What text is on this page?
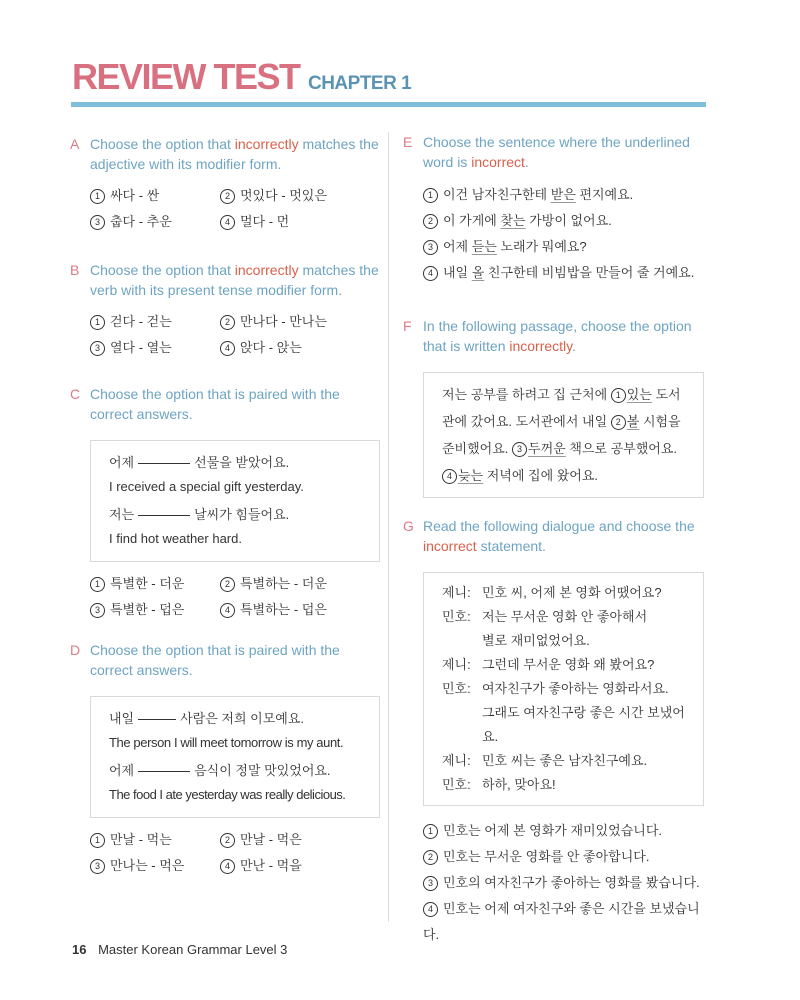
REVIEW TEST CHAPTER 1
A Choose the option that incorrectly matches the adjective with its modifier form.
1 싸다 - 싼	2 멋있다 - 멋있은
3 춥다 - 추운	4 멀다 - 먼
B Choose the option that incorrectly matches the verb with its present tense modifier form.
1 걷다 - 걷는	2 만나다 - 만나는
3 열다 - 열는	4 앉다 - 앉는
C Choose the option that is paired with the correct answers.
어제	선물을 받았어요.
I received a special gift yesterday.
저는	날씨가 힘들어요.
I find hot weather hard.
1 특별한 - 더운	2 특별하는 - 더운
3 특별한 - 덥은	4 특별하는 - 덥은
D Choose the option that is paired with the correct answers.
내일	사람은 저희 이모예요.
The person I will meet tomorrow is my aunt.
어제	음식이 정말 맛있었어요.
The food I ate yesterday was really delicious.
1 만날 - 먹는	2 만날 - 먹은
3 만나는 - 먹은	4 만난 - 먹을
E Choose the sentence where the underlined word is incorrect.
1 이건 남자친구한테 받은 편지예요.
2 이 가게에 찾는 가방이 없어요.
3 어제 듣는 노래가 뭐예요?
4 내일 올 친구한테 비빔밥을 만들어 줄 거예요.
F In the following passage, choose the option that is written incorrectly.
저는 공부를 하려고 집 근처에 1 있는 도서
관에 갔어요. 도서관에서 내일 2 볼 시험을
준비했어요. 3 두꺼운 책으로 공부했어요.
4 늦는 저녁에 집에 왔어요.
G Read the following dialogue and choose the incorrect statement.
제니: 민호 씨, 어제 본 영화 어땠어요?
민호: 저는 무서운 영화 안 좋아해서
별로 재미없었어요.
제니: 그런데 무서운 영화 왜 봤어요?
민호: 여자친구가 좋아하는 영화라서요.
그래도 여자친구랑 좋은 시간 보냈어요.
제니: 민호 씨는 좋은 남자친구예요.
민호: 하하, 맞아요!
1 민호는 어제 본 영화가 재미있었습니다.
2 민호는 무서운 영화를 안 좋아합니다.
3 민호의 여자친구가 좋아하는 영화를 봤습니다.
4 민호는 어제 여자친구와 좋은 시간을 보냈습니다.
16 Master Korean Grammar Level 3
